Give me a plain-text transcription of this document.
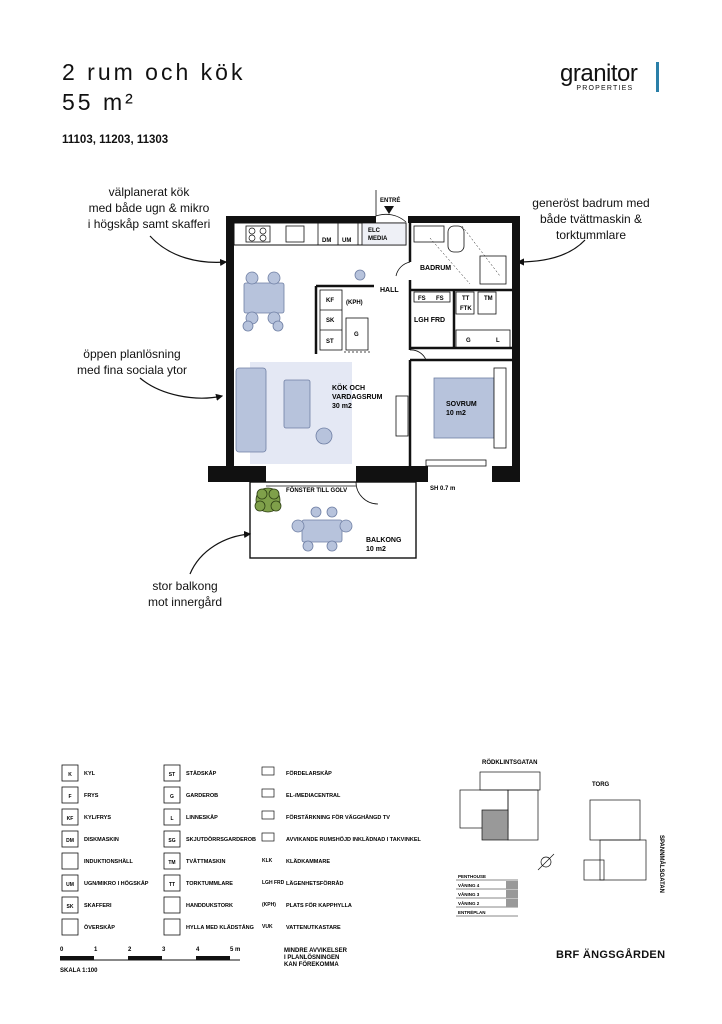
2 rum och kök
55 m²
11103, 11203, 11303
granitor
PROPERTIES
välplanerat kök
med både ugn & mikro
i högskåp samt skafferi
generöst badrum med
både tvättmaskin &
torktummlare
öppen planlösning
med fina sociala ytor
stor balkong
mot innergård
ENTRÉ
ELC
MEDIA
DM UM
BADRUM
HALL
KF
SK
ST
(KPH)
G
FS FS	TT TM
FTK
LGH FRD
G	L
KÖK OCH
VARDAGSRUM
30 m2	SOVRUM
10 m2
FÖNSTER TILL GOLV	SH 0.7 m
BALKONG
10 m2
K KYL
F FRYS
KF KYL/FRYS
DM DISKMASKIN
INDUKTIONSHÄLL
UM UGN/MIKRO I HÖGSKÅP
SK SKAFFERI
ÖVERSKÅP
ST STÄDSKÅP
G GARDEROB
L LINNESKÅP
SG SKJUTDÖRRSGARDEROB
TM TVÄTTMASKIN
TT TORKTUMMLARE
HANDDUKSTORK
HYLLA MED KLÄDSTÅNG
FÖRDELARSKÅP
EL-/MEDIACENTRAL
FÖRSTÄRKNING FÖR VÄGGHÄNGD TV
AVVIKANDE RUMSHÖJD INKLÄDNAD I TAKVINKEL
KLK KLÄDKAMMARE
LGH FRD LÄGENHETSFÖRRÅD
(KPH) PLATS FÖR KAPPHYLLA
VUK VATTENUTKASTARE
0	1	2	3	4	5 m
SKALA 1:100
MINDRE AVVIKELSER
I PLANLÖSNINGEN
KAN FÖREKOMMA
RÖDKLINTSGATAN
TORG
SPANNMÅLSGATAN
PENTHOUSE
VÅNING 4
VÅNING 3
VÅNING 2
ENTRÉPLAN
BRF ÄNGSGÅRDEN
